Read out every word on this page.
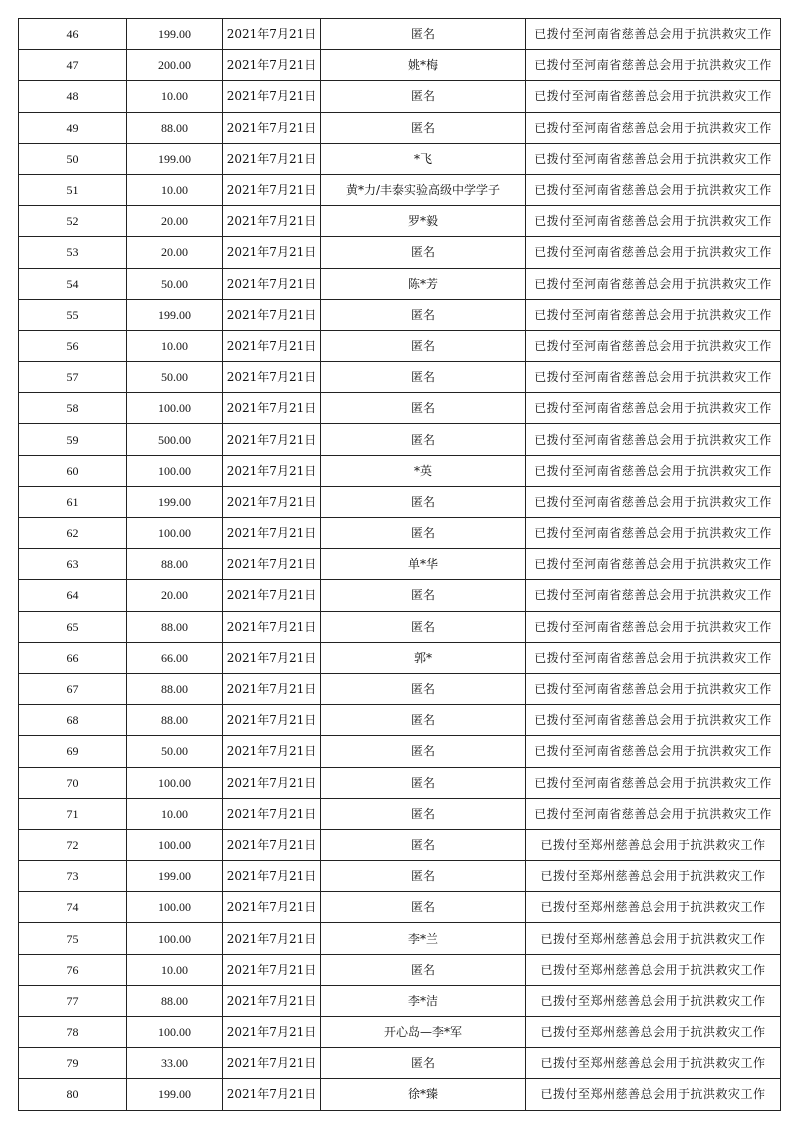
46	199.00	2021年7月21日	匿名	已拨付至河南省慈善总会用于抗洪救灾工作
47	200.00	2021年7月21日	姚*梅	已拨付至河南省慈善总会用于抗洪救灾工作
48	10.00	2021年7月21日	匿名	已拨付至河南省慈善总会用于抗洪救灾工作
49	88.00	2021年7月21日	匿名	已拨付至河南省慈善总会用于抗洪救灾工作
50	199.00	2021年7月21日	*飞	已拨付至河南省慈善总会用于抗洪救灾工作
51	10.00	2021年7月21日	黄*力/丰泰实验高级中学学子	已拨付至河南省慈善总会用于抗洪救灾工作
52	20.00	2021年7月21日	罗*毅	已拨付至河南省慈善总会用于抗洪救灾工作
53	20.00	2021年7月21日	匿名	已拨付至河南省慈善总会用于抗洪救灾工作
54	50.00	2021年7月21日	陈*芳	已拨付至河南省慈善总会用于抗洪救灾工作
55	199.00	2021年7月21日	匿名	已拨付至河南省慈善总会用于抗洪救灾工作
56	10.00	2021年7月21日	匿名	已拨付至河南省慈善总会用于抗洪救灾工作
57	50.00	2021年7月21日	匿名	已拨付至河南省慈善总会用于抗洪救灾工作
58	100.00	2021年7月21日	匿名	已拨付至河南省慈善总会用于抗洪救灾工作
59	500.00	2021年7月21日	匿名	已拨付至河南省慈善总会用于抗洪救灾工作
60	100.00	2021年7月21日	*英	已拨付至河南省慈善总会用于抗洪救灾工作
61	199.00	2021年7月21日	匿名	已拨付至河南省慈善总会用于抗洪救灾工作
62	100.00	2021年7月21日	匿名	已拨付至河南省慈善总会用于抗洪救灾工作
63	88.00	2021年7月21日	单*华	已拨付至河南省慈善总会用于抗洪救灾工作
64	20.00	2021年7月21日	匿名	已拨付至河南省慈善总会用于抗洪救灾工作
65	88.00	2021年7月21日	匿名	已拨付至河南省慈善总会用于抗洪救灾工作
66	66.00	2021年7月21日	郭*	已拨付至河南省慈善总会用于抗洪救灾工作
67	88.00	2021年7月21日	匿名	已拨付至河南省慈善总会用于抗洪救灾工作
68	88.00	2021年7月21日	匿名	已拨付至河南省慈善总会用于抗洪救灾工作
69	50.00	2021年7月21日	匿名	已拨付至河南省慈善总会用于抗洪救灾工作
70	100.00	2021年7月21日	匿名	已拨付至河南省慈善总会用于抗洪救灾工作
71	10.00	2021年7月21日	匿名	已拨付至河南省慈善总会用于抗洪救灾工作
72	100.00	2021年7月21日	匿名	已拨付至郑州慈善总会用于抗洪救灾工作
73	199.00	2021年7月21日	匿名	已拨付至郑州慈善总会用于抗洪救灾工作
74	100.00	2021年7月21日	匿名	已拨付至郑州慈善总会用于抗洪救灾工作
75	100.00	2021年7月21日	李*兰	已拨付至郑州慈善总会用于抗洪救灾工作
76	10.00	2021年7月21日	匿名	已拨付至郑州慈善总会用于抗洪救灾工作
77	88.00	2021年7月21日	李*洁	已拨付至郑州慈善总会用于抗洪救灾工作
78	100.00	2021年7月21日	开心岛—李*军	已拨付至郑州慈善总会用于抗洪救灾工作
79	33.00	2021年7月21日	匿名	已拨付至郑州慈善总会用于抗洪救灾工作
80	199.00	2021年7月21日	徐*臻	已拨付至郑州慈善总会用于抗洪救灾工作
